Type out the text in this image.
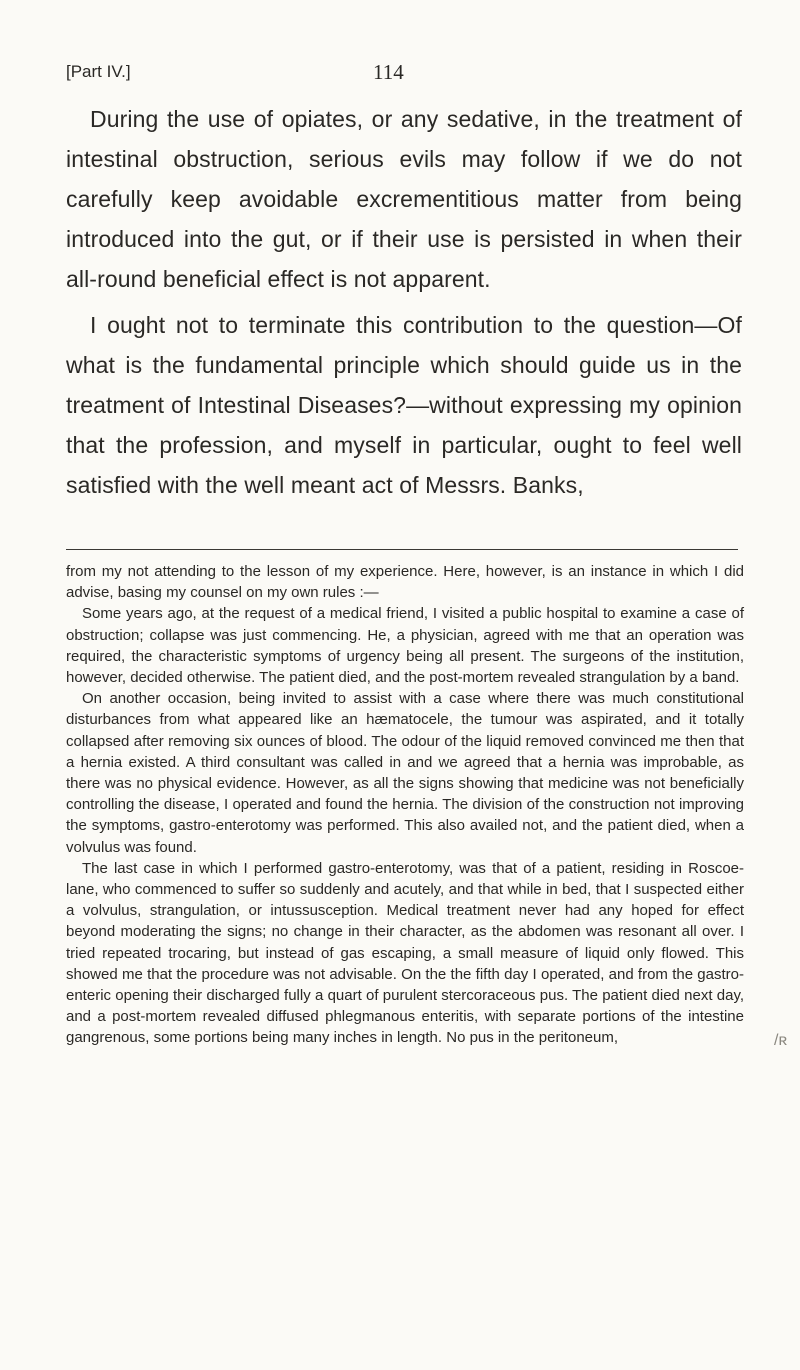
[Part IV.]	114

During the use of opiates, or any sedative, in the treatment of intestinal obstruction, serious evils may follow if we do not carefully keep avoidable excrementitious matter from being introduced into the gut, or if their use is persisted in when their all-round beneficial effect is not apparent.

I ought not to terminate this contribution to the question—Of what is the fundamental principle which should guide us in the treatment of Intestinal Diseases?—without expressing my opinion that the profession, and myself in particular, ought to feel well satisfied with the well meant act of Messrs. Banks,

from my not attending to the lesson of my experience. Here, however, is an instance in which I did advise, basing my counsel on my own rules :—

Some years ago, at the request of a medical friend, I visited a public hospital to examine a case of obstruction; collapse was just commencing. He, a physician, agreed with me that an operation was required, the characteristic symptoms of urgency being all present. The surgeons of the institution, however, decided otherwise. The patient died, and the post-mortem revealed strangulation by a band.

On another occasion, being invited to assist with a case where there was much constitutional disturbances from what appeared like an hæmatocele, the tumour was aspirated, and it totally collapsed after removing six ounces of blood. The odour of the liquid removed convinced me then that a hernia existed. A third consultant was called in and we agreed that a hernia was improbable, as there was no physical evidence. However, as all the signs showing that medicine was not beneficially controlling the disease, I operated and found the hernia. The division of the construction not improving the symptoms, gastro-enterotomy was performed. This also availed not, and the patient died, when a volvulus was found.

The last case in which I performed gastro-enterotomy, was that of a patient, residing in Roscoe-lane, who commenced to suffer so suddenly and acutely, and that while in bed, that I suspected either a volvulus, strangulation, or intussusception. Medical treatment never had any hoped for effect beyond moderating the signs; no change in their character, as the abdomen was resonant all over. I tried repeated trocaring, but instead of gas escaping, a small measure of liquid only flowed. This showed me that the procedure was not advisable. On the the fifth day I operated, and from the gastro-enteric opening their discharged fully a quart of purulent stercoraceous pus. The patient died next day, and a post-mortem revealed diffused phlegmanous enteritis, with separate portions of the intestine gangrenous, some portions being many inches in length. No pus in the peritoneum,	/ʀ
